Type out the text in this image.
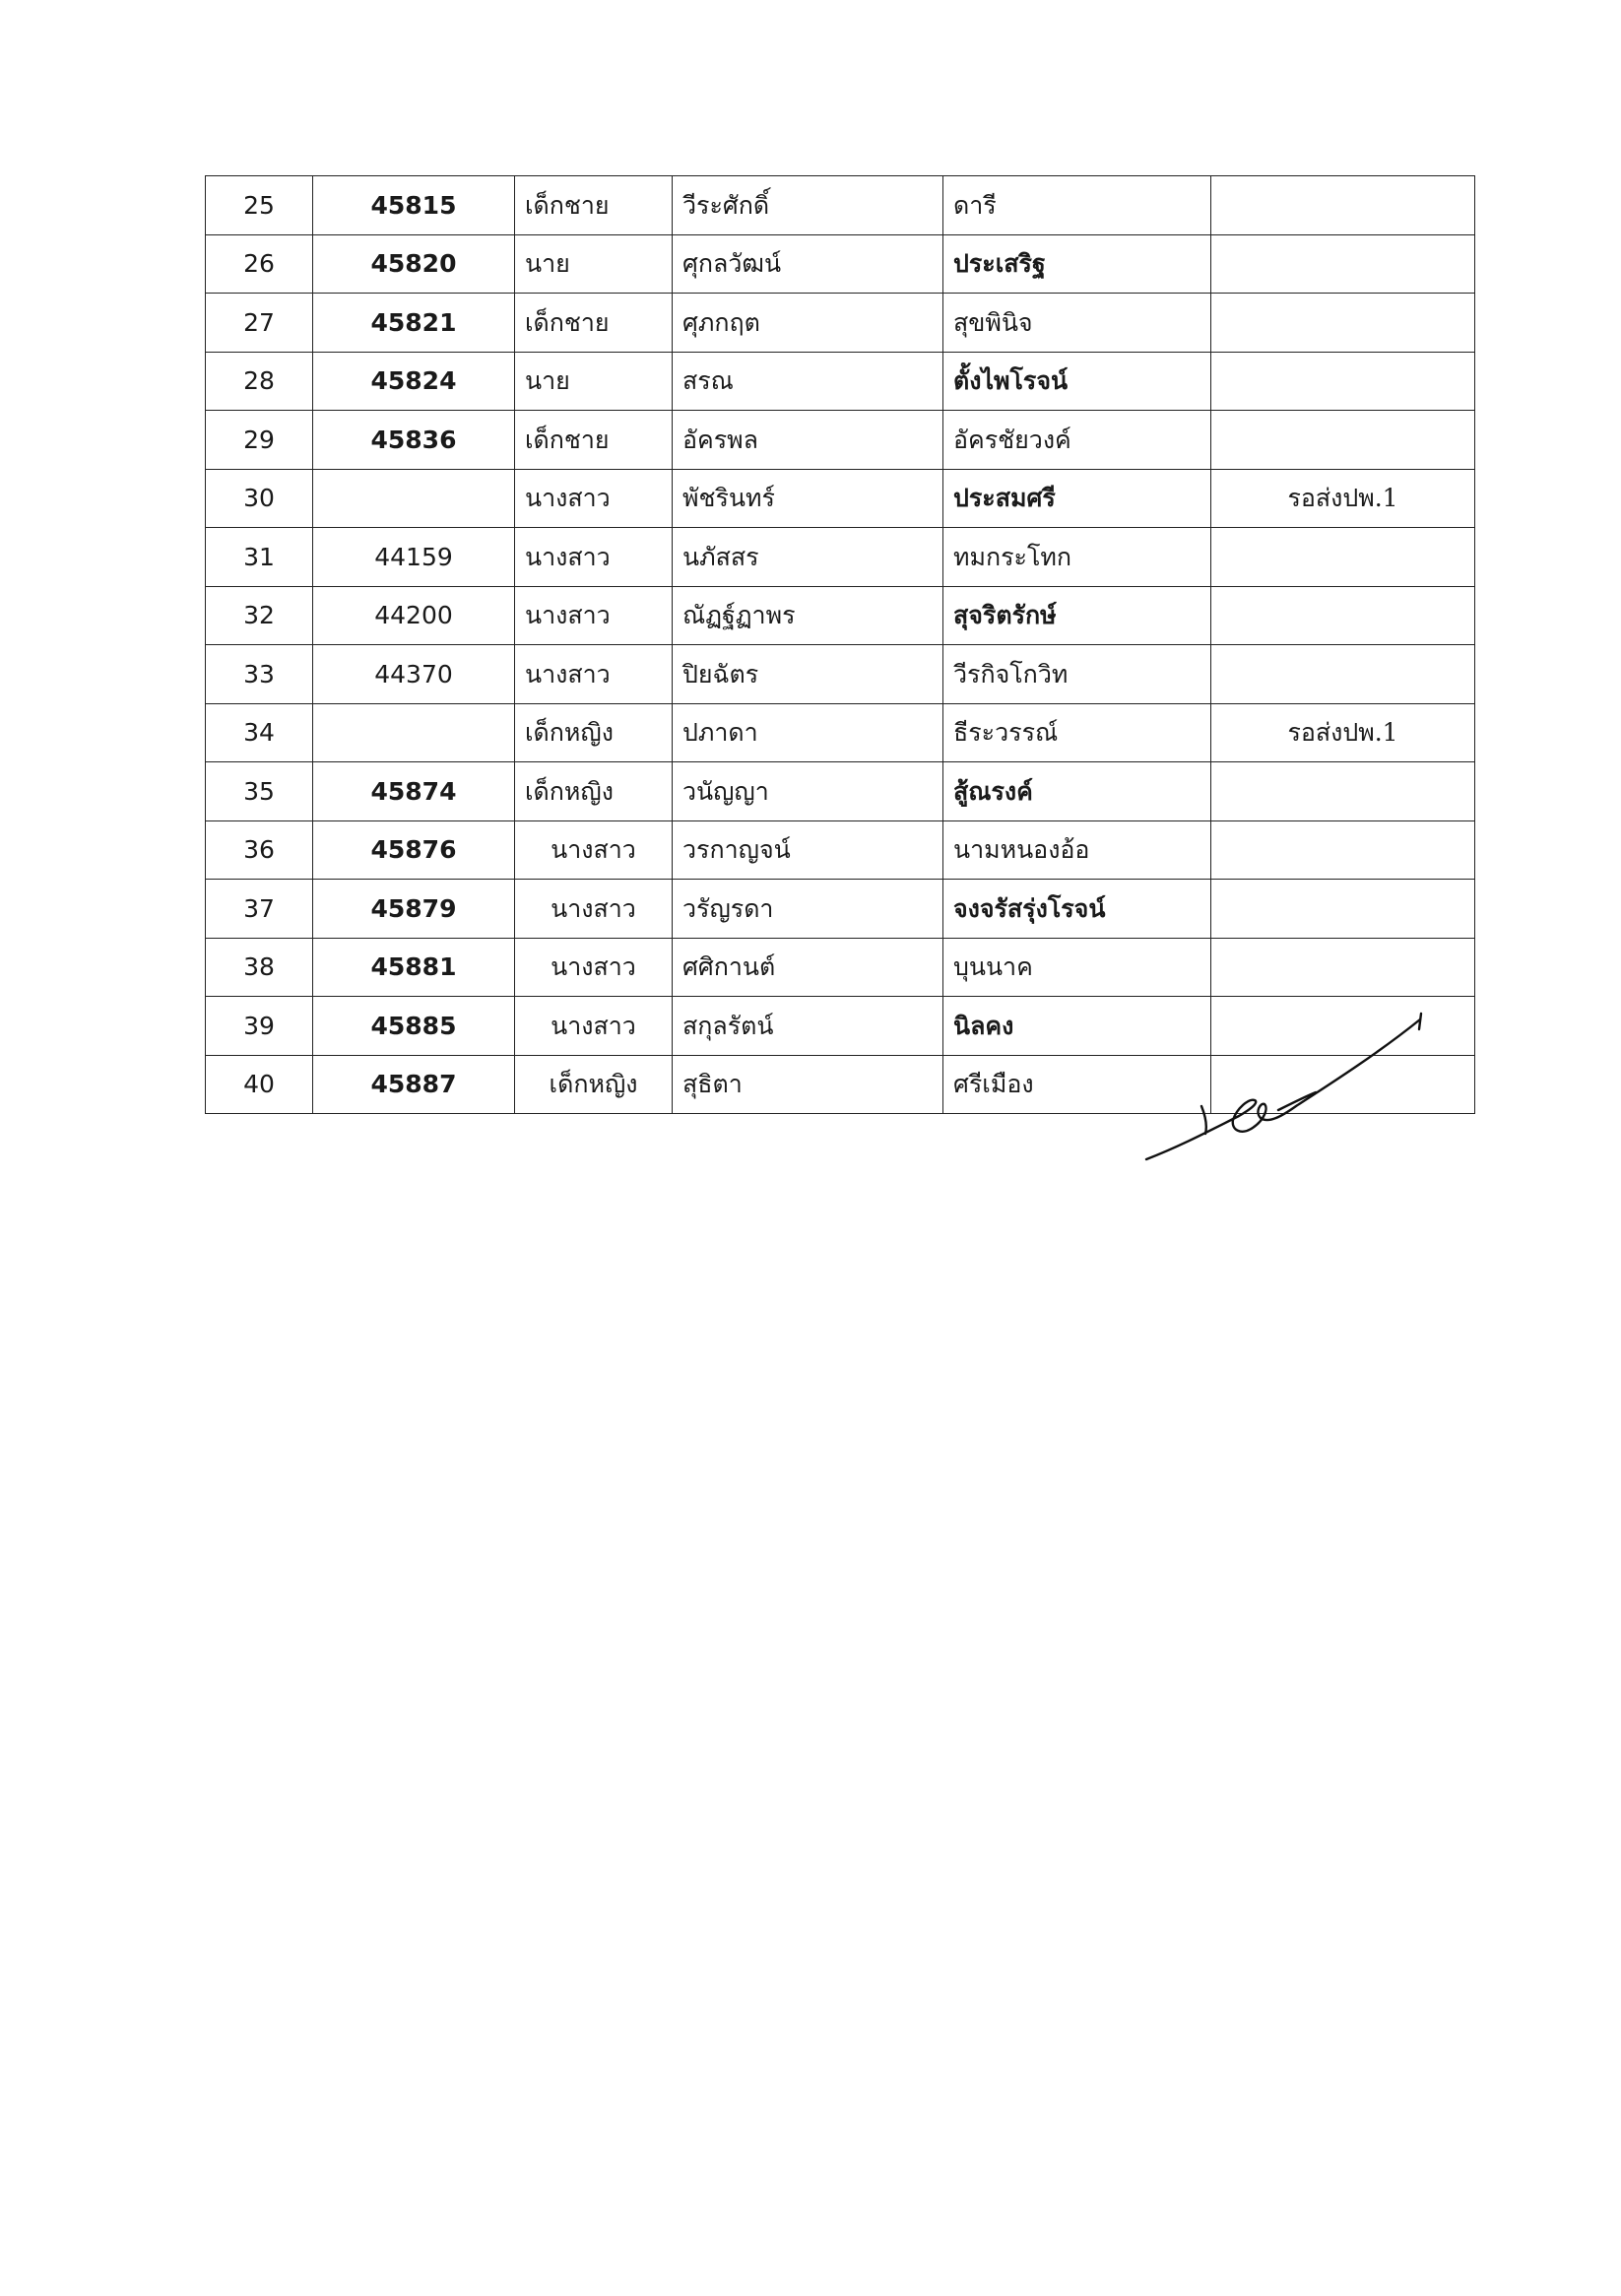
25	45815	เด็กชาย	วีระศักดิ์	ดารี	
26	45820	นาย	ศุกลวัฒน์	ประเสริฐ	
27	45821	เด็กชาย	ศุภกฤต	สุขพินิจ	
28	45824	นาย	สรณ	ตั้งไพโรจน์	
29	45836	เด็กชาย	อัครพล	อัครชัยวงค์	
30		นางสาว	พัชรินทร์	ประสมศรี	รอส่งปพ.1
31	44159	นางสาว	นภัสสร	ทมกระโทก	
32	44200	นางสาว	ณัฏฐ์ฏาพร	สุจริตรักษ์	
33	44370	นางสาว	ปิยฉัตร	วีรกิจโกวิท	
34		เด็กหญิง	ปภาดา	ธีระวรรณ์	รอส่งปพ.1
35	45874	เด็กหญิง	วนัญญา	สู้ณรงค์	
36	45876	นางสาว	วรกาญจน์	นามหนองอ้อ	
37	45879	นางสาว	วรัญรดา	จงจรัสรุ่งโรจน์	
38	45881	นางสาว	ศศิกานต์	บุนนาค	
39	45885	นางสาว	สกุลรัตน์	นิลคง	
40	45887	เด็กหญิง	สุธิตา	ศรีเมือง	
